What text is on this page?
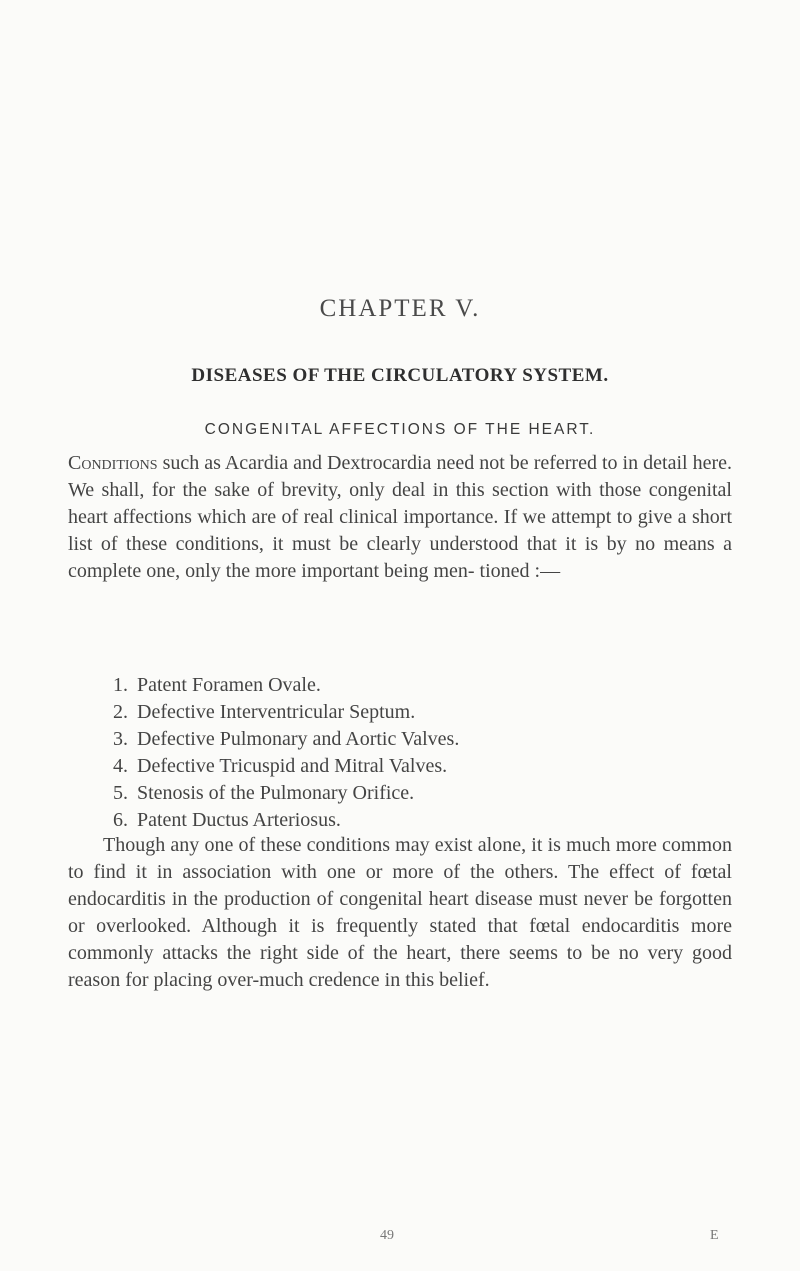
CHAPTER V.
DISEASES OF THE CIRCULATORY SYSTEM.
CONGENITAL AFFECTIONS OF THE HEART.
Conditions such as Acardia and Dextrocardia need not be referred to in detail here. We shall, for the sake of brevity, only deal in this section with those congenital heart affections which are of real clinical importance. If we attempt to give a short list of these conditions, it must be clearly understood that it is by no means a complete one, only the more important being men- tioned :—
1. Patent Foramen Ovale.
2. Defective Interventricular Septum.
3. Defective Pulmonary and Aortic Valves.
4. Defective Tricuspid and Mitral Valves.
5. Stenosis of the Pulmonary Orifice.
6. Patent Ductus Arteriosus.
Though any one of these conditions may exist alone, it is much more common to find it in association with one or more of the others. The effect of fœtal endocarditis in the production of congenital heart disease must never be forgotten or overlooked. Although it is frequently stated that fœtal endocarditis more commonly attacks the right side of the heart, there seems to be no very good reason for placing over-much credence in this belief.
49	E
